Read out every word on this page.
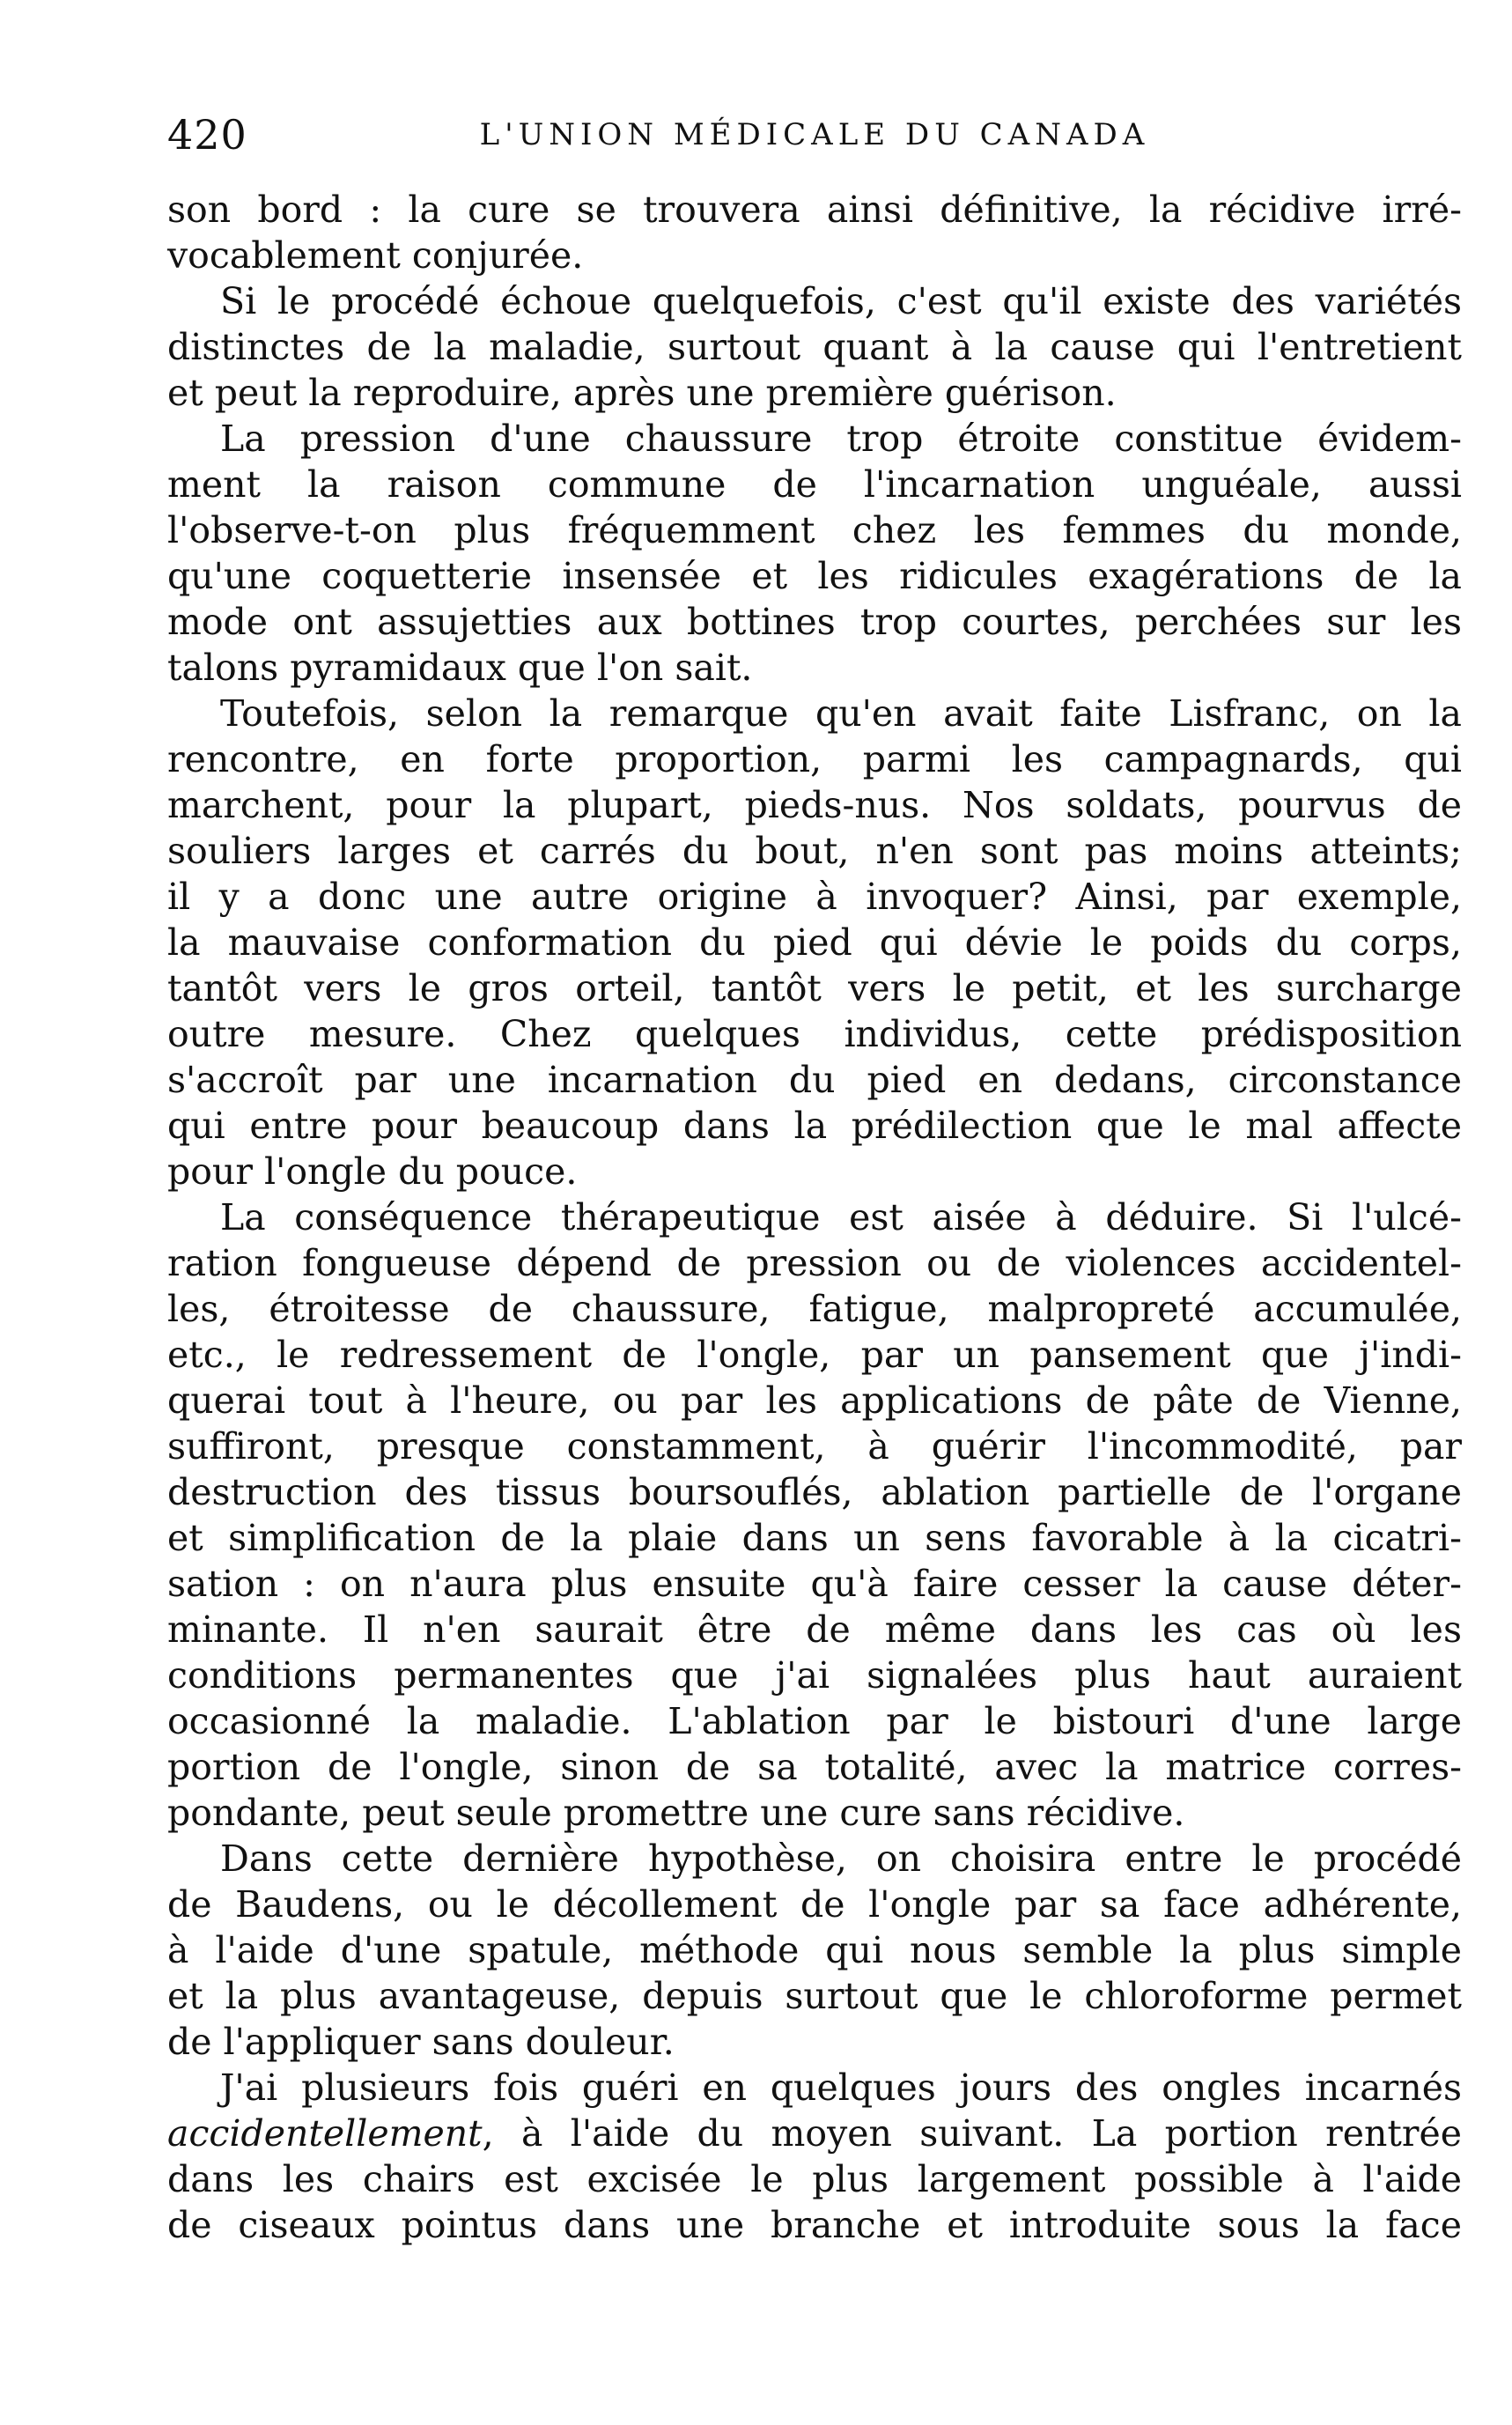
420	L'UNION MÉDICALE DU CANADA
son bord : la cure se trouvera ainsi définitive, la récidive irré-
vocablement conjurée.
Si le procédé échoue quelquefois, c'est qu'il existe des variétés
distinctes de la maladie, surtout quant à la cause qui l'entretient
et peut la reproduire, après une première guérison.
La pression d'une chaussure trop étroite constitue évidem-
ment la raison commune de l'incarnation unguéale, aussi
l'observe-t-on plus fréquemment chez les femmes du monde,
qu'une coquetterie insensée et les ridicules exagérations de la
mode ont assujetties aux bottines trop courtes, perchées sur les
talons pyramidaux que l'on sait.
Toutefois, selon la remarque qu'en avait faite Lisfranc, on la
rencontre, en forte proportion, parmi les campagnards, qui
marchent, pour la plupart, pieds-nus. Nos soldats, pourvus de
souliers larges et carrés du bout, n'en sont pas moins atteints;
il y a donc une autre origine à invoquer? Ainsi, par exemple,
la mauvaise conformation du pied qui dévie le poids du corps,
tantôt vers le gros orteil, tantôt vers le petit, et les surcharge
outre mesure. Chez quelques individus, cette prédisposition
s'accroît par une incarnation du pied en dedans, circonstance
qui entre pour beaucoup dans la prédilection que le mal affecte
pour l'ongle du pouce.
La conséquence thérapeutique est aisée à déduire. Si l'ulcé-
ration fongueuse dépend de pression ou de violences accidentel-
les, étroitesse de chaussure, fatigue, malpropreté accumulée,
etc., le redressement de l'ongle, par un pansement que j'indi-
querai tout à l'heure, ou par les applications de pâte de Vienne,
suffiront, presque constamment, à guérir l'incommodité, par
destruction des tissus boursouflés, ablation partielle de l'organe
et simplification de la plaie dans un sens favorable à la cicatri-
sation : on n'aura plus ensuite qu'à faire cesser la cause déter-
minante. Il n'en saurait être de même dans les cas où les
conditions permanentes que j'ai signalées plus haut auraient
occasionné la maladie. L'ablation par le bistouri d'une large
portion de l'ongle, sinon de sa totalité, avec la matrice corres-
pondante, peut seule promettre une cure sans récidive.
Dans cette dernière hypothèse, on choisira entre le procédé
de Baudens, ou le décollement de l'ongle par sa face adhérente,
à l'aide d'une spatule, méthode qui nous semble la plus simple
et la plus avantageuse, depuis surtout que le chloroforme permet
de l'appliquer sans douleur.
J'ai plusieurs fois guéri en quelques jours des ongles incarnés
accidentellement, à l'aide du moyen suivant. La portion rentrée
dans les chairs est excisée le plus largement possible à l'aide
de ciseaux pointus dans une branche et introduite sous la face
